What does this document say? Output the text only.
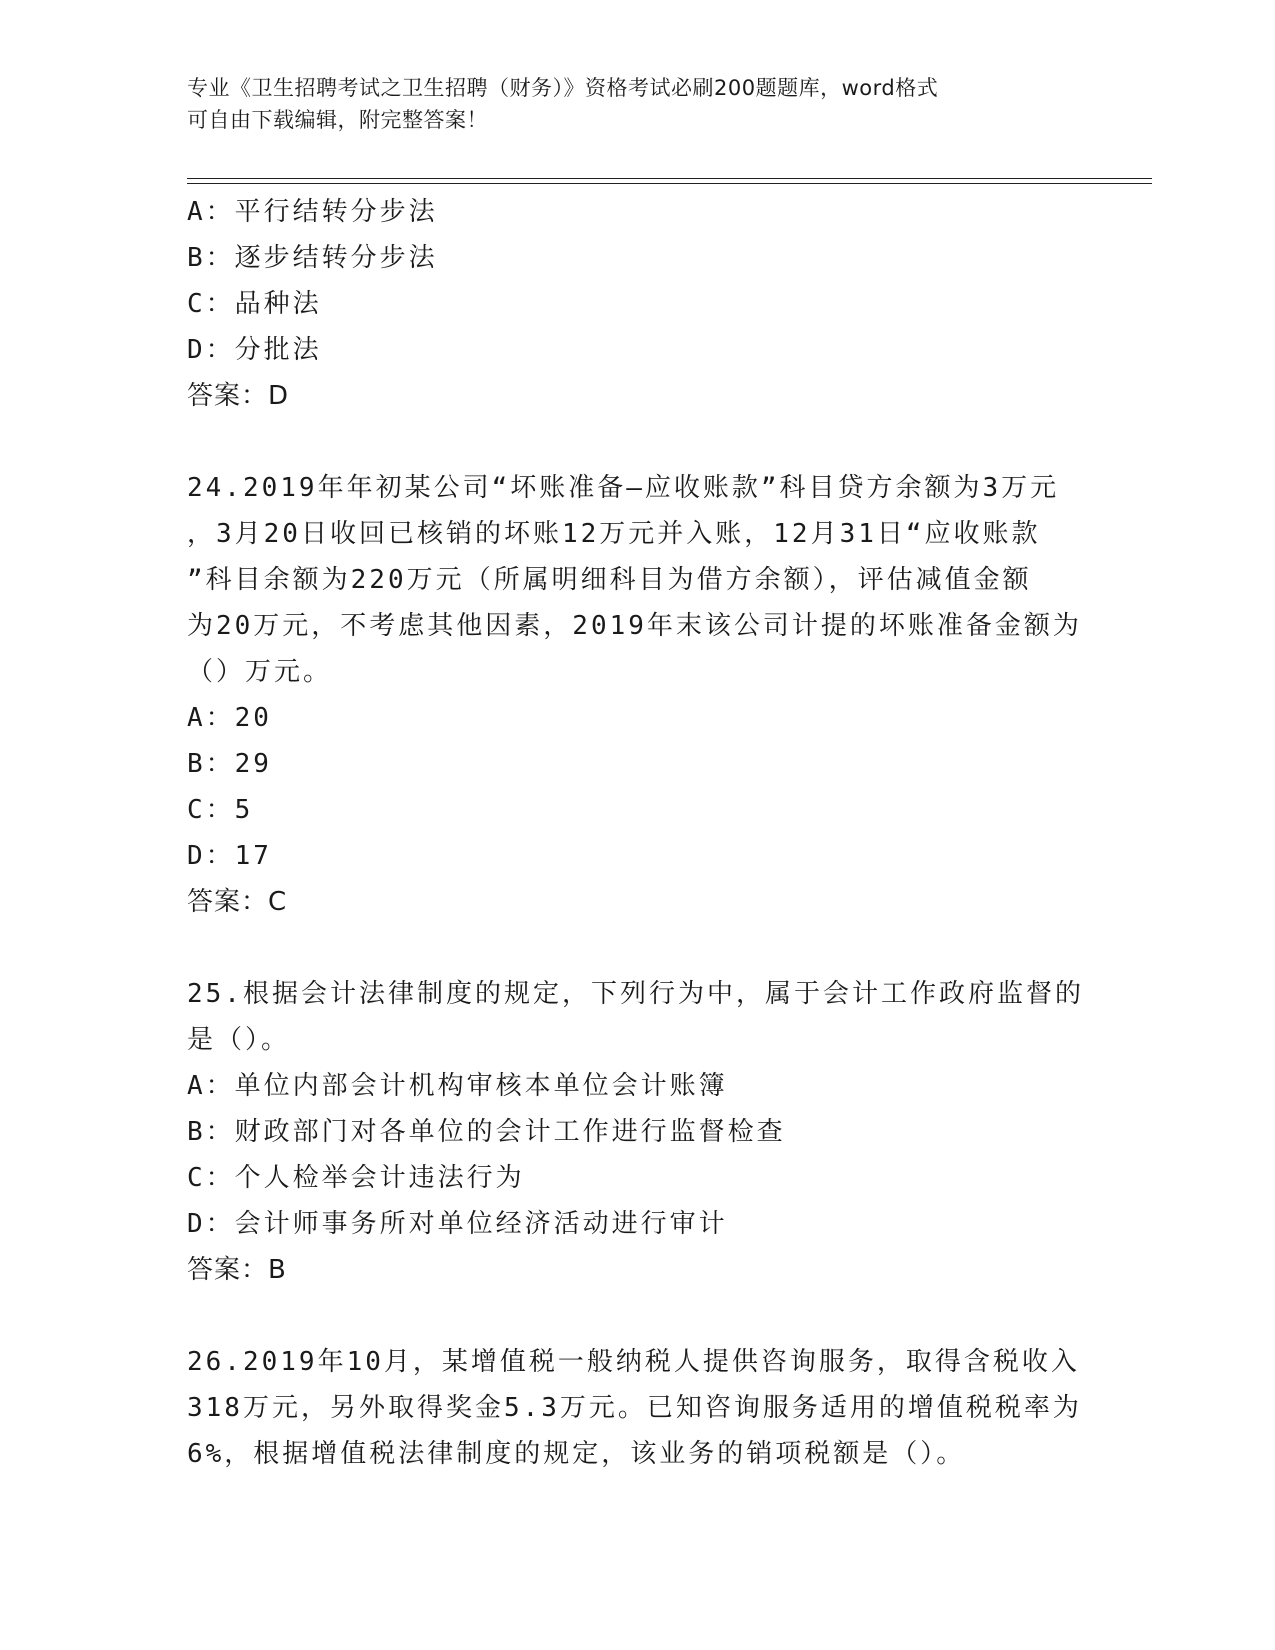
专业《卫生招聘考试之卫生招聘（财务）》资格考试必刷200题题库，word格式
可自由下载编辑，附完整答案！
A：平行结转分步法
B：逐步结转分步法
C：品种法
D：分批法
答案：D
24.2019年年初某公司“坏账准备—应收账款”科目贷方余额为3万元
，3月20日收回已核销的坏账12万元并入账，12月31日“应收账款
”科目余额为220万元（所属明细科目为借方余额），评估减值金额
为20万元，不考虑其他因素，2019年末该公司计提的坏账准备金额为
（）万元。
A：20
B：29
C：5
D：17
答案：C
25.根据会计法律制度的规定，下列行为中，属于会计工作政府监督的
是（）。
A：单位内部会计机构审核本单位会计账簿
B：财政部门对各单位的会计工作进行监督检查
C：个人检举会计违法行为
D：会计师事务所对单位经济活动进行审计
答案：B
26.2019年10月，某增值税一般纳税人提供咨询服务，取得含税收入
318万元，另外取得奖金5.3万元。已知咨询服务适用的增值税税率为
6%，根据增值税法律制度的规定，该业务的销项税额是（）。
